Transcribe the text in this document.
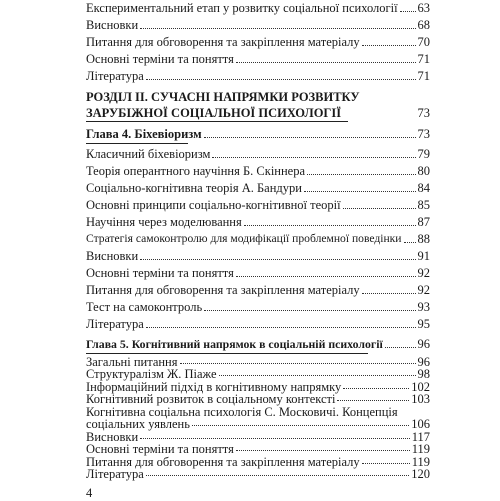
Експериментальний етап у розвитку соціальної психології 63
Висновки	68
Питання для обговорення та закріплення матеріалу	70
Основні терміни та поняття	71
Література	71
РОЗДІЛ ІІ. СУЧАСНІ НАПРЯМКИ РОЗВИТКУ
ЗАРУБІЖНОЇ СОЦІАЛЬНОЇ ПСИХОЛОГІЇ	73
Глава 4. Біхевіоризм	73
Класичний біхевіоризм	79
Теорія оперантного научіння Б. Скіннера	80
Соціально-когнітивна теорія А. Бандури	84
Основні принципи соціально-когнітивної теорії	85
Научіння через моделювання	87
Стратегія самоконтролю для модифікації проблемної поведінки 88
Висновки	91
Основні терміни та поняття	92
Питання для обговорення та закріплення матеріалу	92
Тест на самоконтроль	93
Література	95
Глава 5. Когнітивний напрямок в соціальній психології	96
Загальні питання	96
Структуралізм Ж. Піаже	98
Інформаційний підхід в когнітивному напрямку	102
Когнітивний розвиток в соціальному контексті	103
Когнітивна соціальна психологія С. Московичі. Концепція
соціальних уявлень	106
Висновки	117
Основні терміни та поняття	119
Питання для обговорення та закріплення матеріалу	119
Література	120
4
